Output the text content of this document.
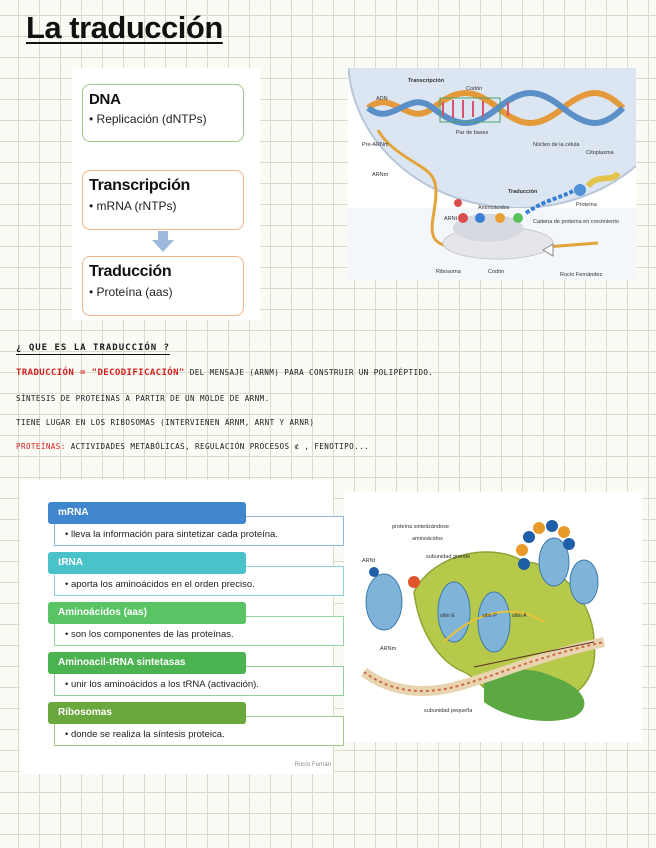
La traducción
DNA
• Replicación (dNTPs)
Transcripción
• mRNA (rNTPs)
Traducción
• Proteína (aas)
Transcripción
Codón
ADN
Par de bases
Pre-ARNm	Núcleo de la célula
Citoplasma
ARNm
Traducción
Proteína
ARNt
Aminoácidos
Cadena de proteína en crecimiento
Ribosoma	Codón	Rocío Fernández
¿ QUE ES LA TRADUCCIÓN ?
TRADUCCIÓN = "DECODIFICACIÓN" DEL MENSAJE (ARNM) PARA CONSTRUIR UN POLIPÉPTIDO.
SÍNTESIS DE PROTEÍNAS A PARTIR DE UN MOLDE DE ARNM.
TIENE LUGAR EN LOS RIBOSOMAS (INTERVIENEN ARNM, ARNT Y ARNR)
PROTEÍNAS: ACTIVIDADES METABÓLICAS, REGULACIÓN PROCESOS ⊄ , FENOTIPO...
• lleva la información para sintetizar cada proteína.
mRNA
• aporta los aminoácidos en el orden preciso.
tRNA
• son los componentes de las proteínas.
Aminoácidos (aas)
• unir los aminoácidos a los tRNA (activación).
Aminoacil-tRNA sintetasas
• donde se realiza la síntesis proteica.
Ribosomas
Rocío Fernán
proteína sintetizándose
aminoácidos
ARNt
subunidad grande
sitio E	sitio P	sitio A
ARNm
subunidad pequeña
